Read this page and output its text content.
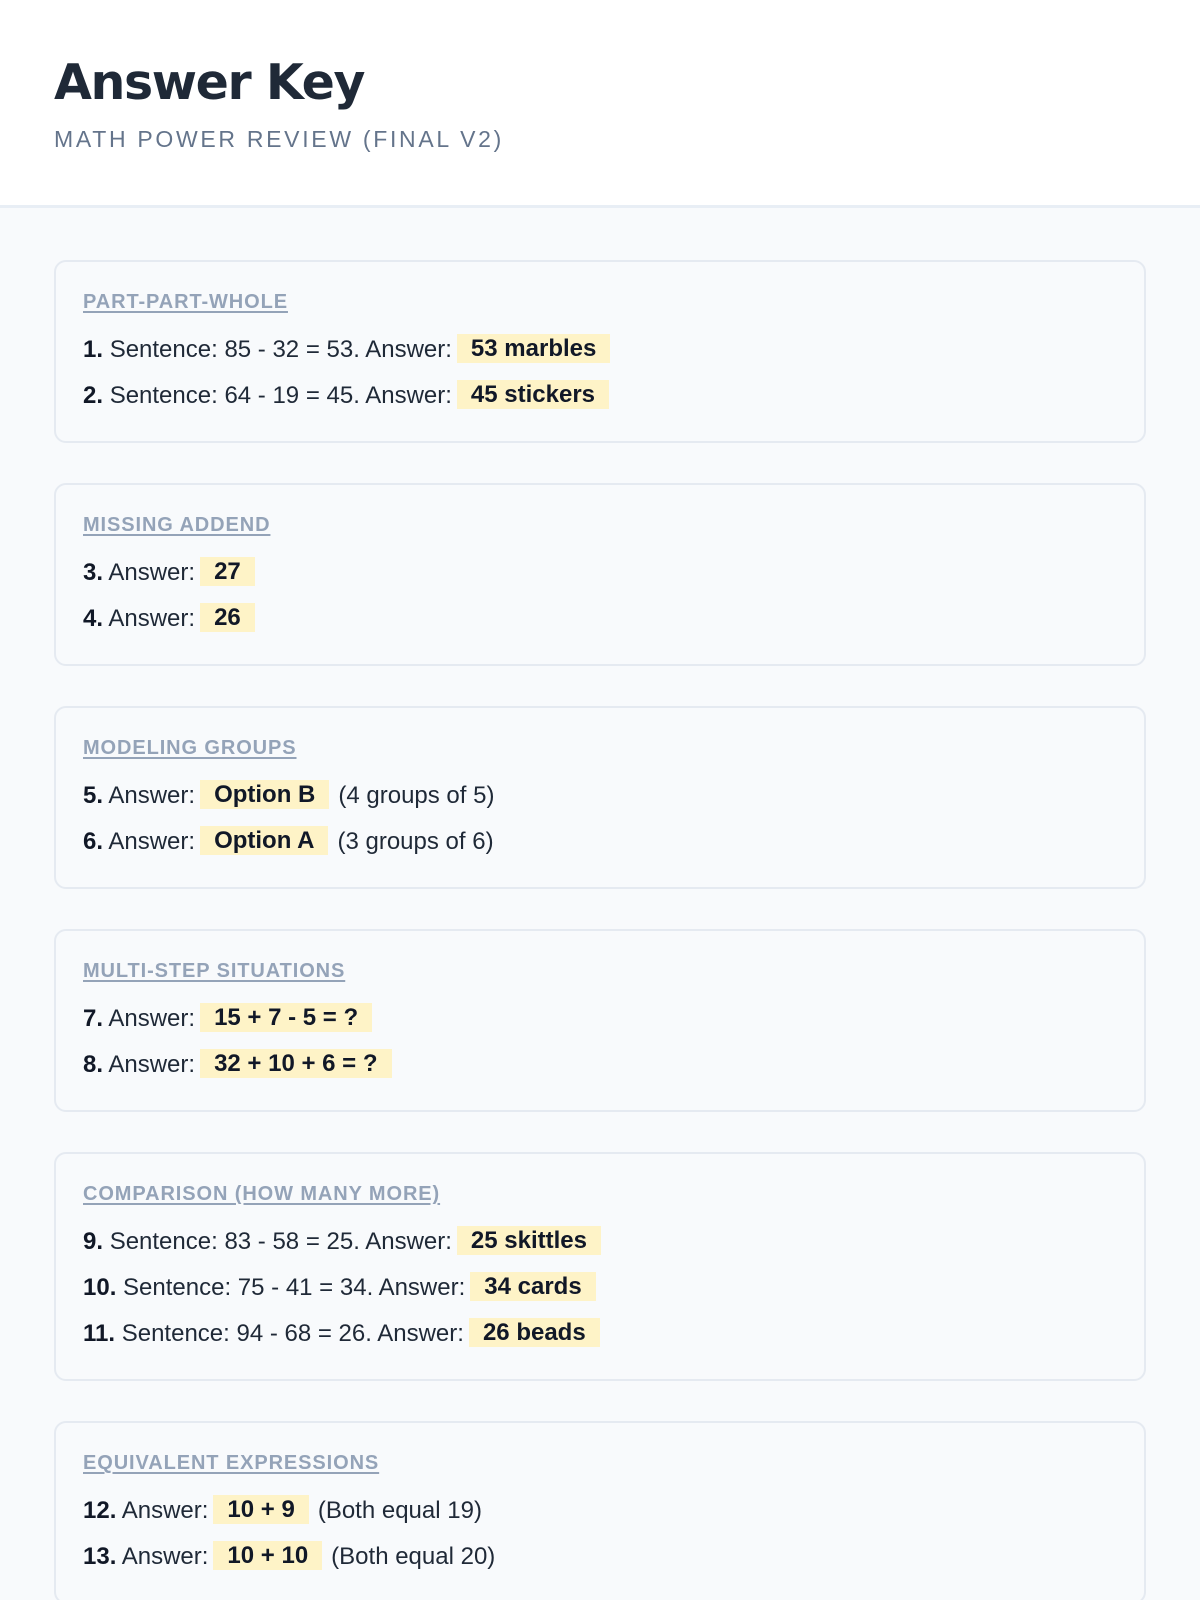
Answer Key
MATH POWER REVIEW (FINAL V2)
PART-PART-WHOLE
1. Sentence: 85 - 32 = 53. Answer: 53 marbles
2. Sentence: 64 - 19 = 45. Answer: 45 stickers
MISSING ADDEND
3. Answer: 27
4. Answer: 26
MODELING GROUPS
5. Answer: Option B (4 groups of 5)
6. Answer: Option A (3 groups of 6)
MULTI-STEP SITUATIONS
7. Answer: 15 + 7 - 5 = ?
8. Answer: 32 + 10 + 6 = ?
COMPARISON (HOW MANY MORE)
9. Sentence: 83 - 58 = 25. Answer: 25 skittles
10. Sentence: 75 - 41 = 34. Answer: 34 cards
11. Sentence: 94 - 68 = 26. Answer: 26 beads
EQUIVALENT EXPRESSIONS
12. Answer: 10 + 9 (Both equal 19)
13. Answer: 10 + 10 (Both equal 20)
